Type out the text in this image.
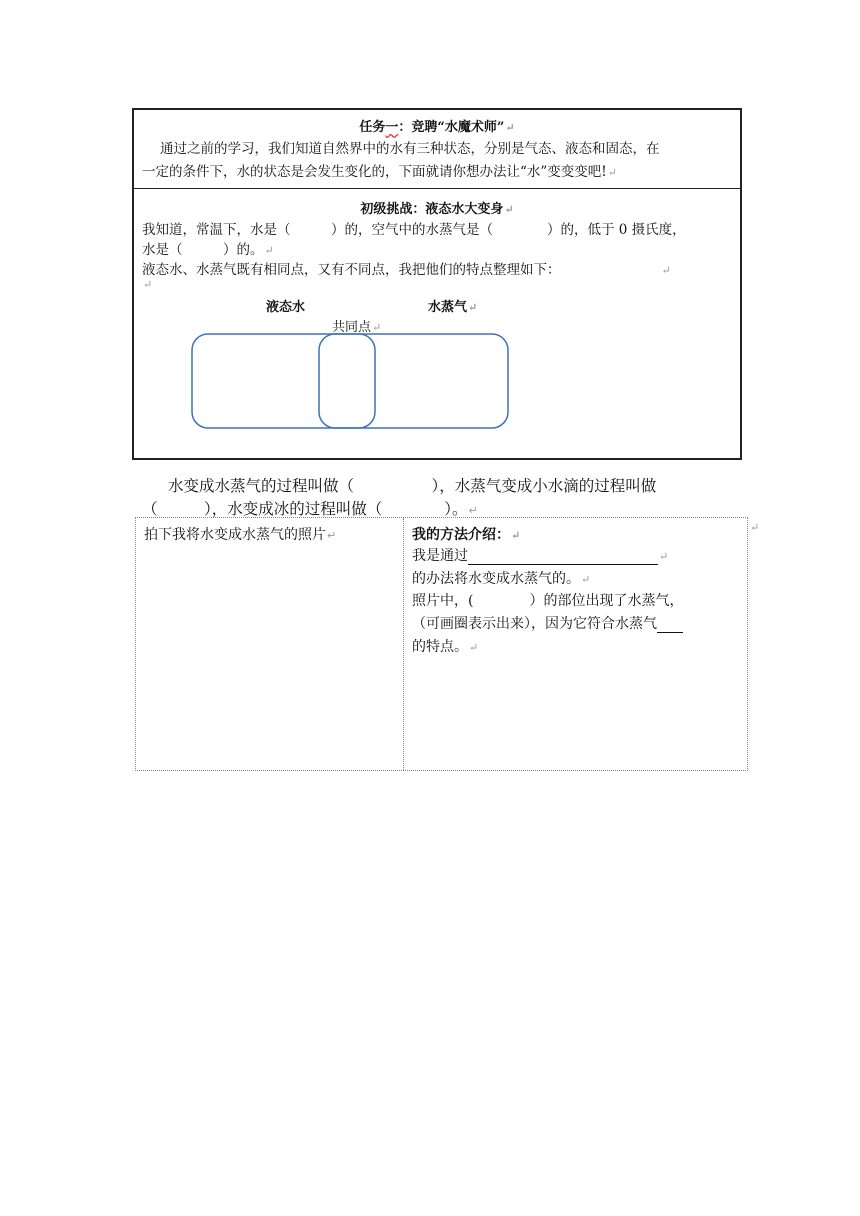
任务一：竞聘“水魔术师”↵
通过之前的学习，我们知道自然界中的水有三种状态，分别是气态、液态和固态，在
一定的条件下，水的状态是会发生变化的，下面就请你想办法让“水”变变变吧!↵
初级挑战：液态水大变身↵
我知道，常温下，水是（　　　）的，空气中的水蒸气是（　　　　）的，低于 0 摄氏度，
水是（　　　）的。↵
液态水、水蒸气既有相同点，又有不同点，我把他们的特点整理如下：	↵
↵
液态水	水蒸气↵
共同点↵
水变成水蒸气的过程叫做（　　　　　），水蒸气变成小水滴的过程叫做
（　　　），水变成冰的过程叫做（　　　　）。↵
拍下我将水变成水蒸气的照片↵	我的方法介绍：↵
我是通过	↵
的办法将水变成水蒸气的。↵
照片中，(　　　　）的部位出现了水蒸气，
（可画圈表示出来），因为它符合水蒸气
的特点。↵
↵
